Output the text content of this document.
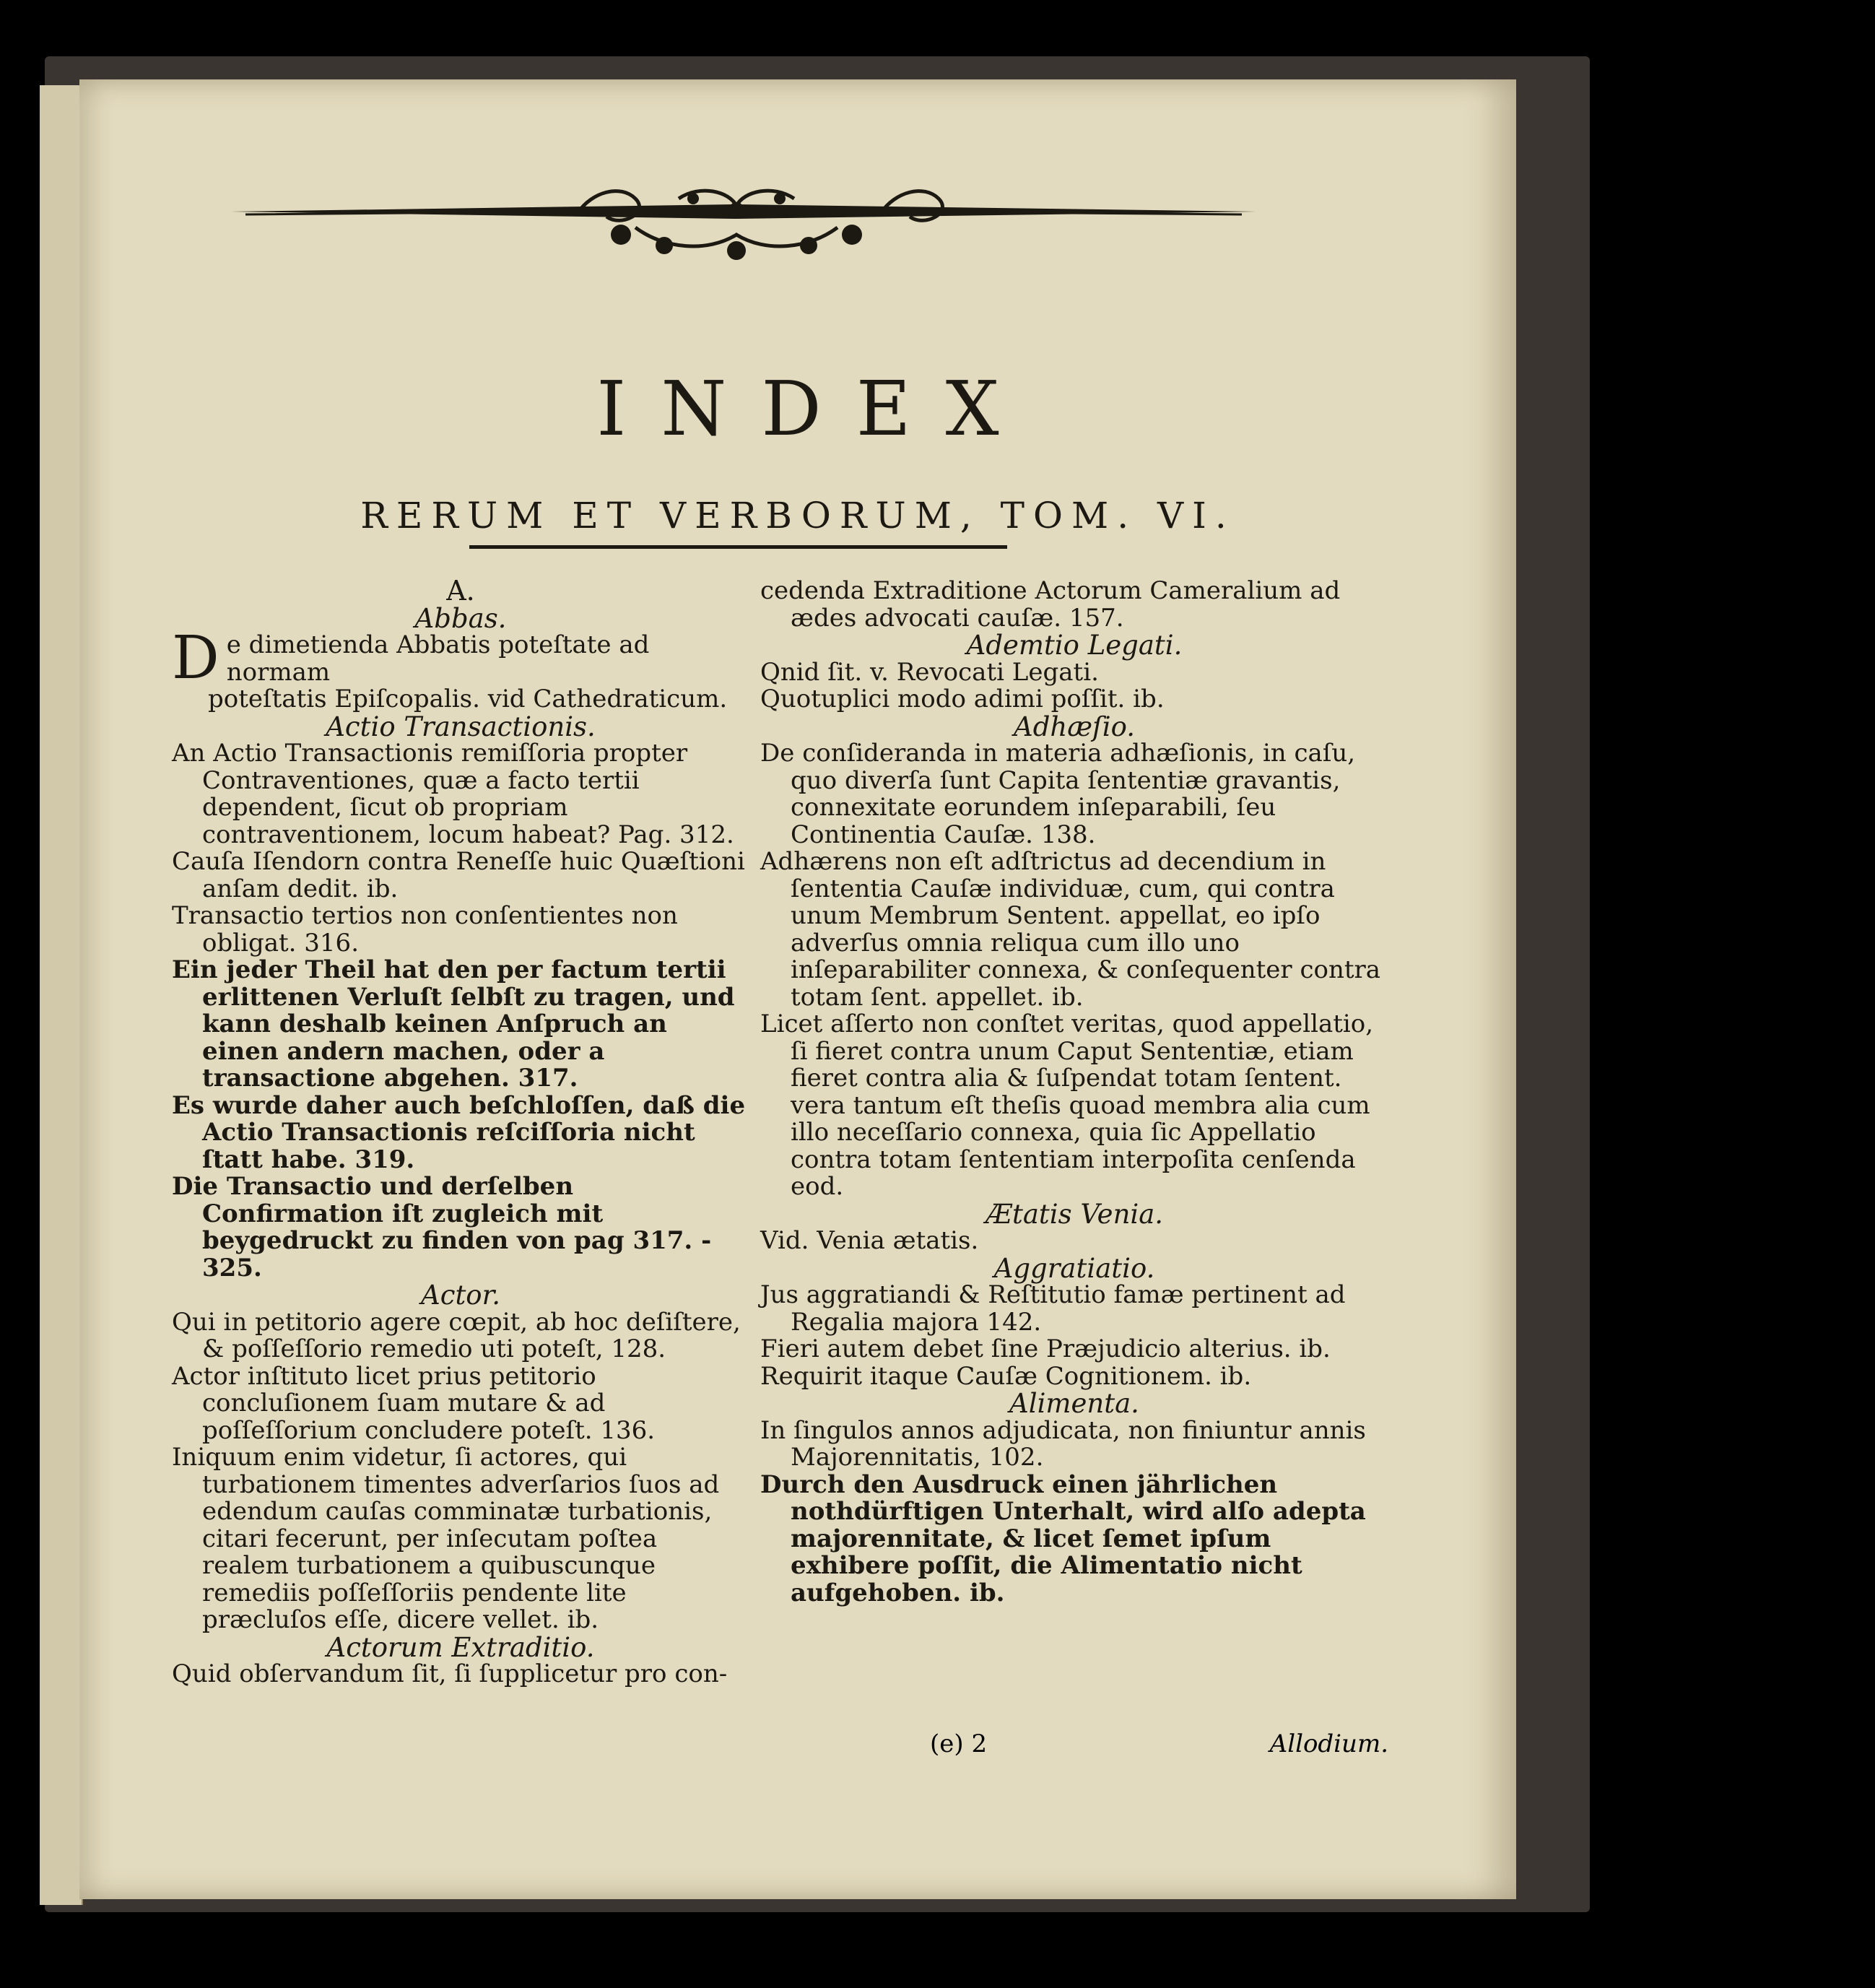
INDEX
RERUM ET VERBORUM, TOM. VI.

A.

Abbas.

De dimetienda Abbatis poteſtate ad normam
poteſtatis Epiſcopalis. vid Cathedraticum.

Actio Transactionis.

An Actio Transactionis remiſſoria propter Contraventiones, quæ a facto tertii dependent, ſicut ob propriam contraventionem, locum habeat? Pag. 312.

Cauſa Iſendorn contra Reneſſe huic Quæſtioni anſam dedit. ib.

Transactio tertios non conſentientes non obligat. 316.

Ein jeder Theil hat den per factum tertii erlittenen Verluſt ſelbſt zu tragen, und kann deshalb keinen Anſpruch an einen andern machen, oder a transactione abgehen. 317.

Es wurde daher auch beſchloſſen, daß die Actio Transactionis reſciſſoria nicht ſtatt habe. 319.

Die Transactio und derſelben Confirmation iſt zugleich mit beygedruckt zu finden von pag 317. - 325.

Actor.

Qui in petitorio agere cœpit, ab hoc deſiſtere, & poſſeſſorio remedio uti poteſt, 128.

Actor inſtituto licet prius petitorio concluſionem ſuam mutare & ad poſſeſſorium concludere poteſt. 136.

Iniquum enim videtur, ſi actores, qui turbationem timentes adverſarios ſuos ad edendum cauſas comminatæ turbationis, citari fecerunt, per inſecutam poſtea realem turbationem a quibuscunque remediis poſſeſſoriis pendente lite præcluſos eſſe, dicere vellet. ib.

Actorum Extraditio.

Quid obſervandum ſit, ſi ſupplicetur pro con-

cedenda Extraditione Actorum Cameralium ad ædes advocati cauſæ. 157.

Ademtio Legati.

Qnid ſit. v. Revocati Legati.

Quotuplici modo adimi poſſit. ib.

Adhæſio.

De conſideranda in materia adhæſionis, in caſu, quo diverſa ſunt Capita ſententiæ gravantis, connexitate eorundem inſeparabili, ſeu Continentia Cauſæ. 138.

Adhærens non eſt adſtrictus ad decendium in ſententia Cauſæ individuæ, cum, qui contra unum Membrum Sentent. appellat, eo ipſo adverſus omnia reliqua cum illo uno inſeparabiliter connexa, & conſequenter contra totam ſent. appellet. ib.

Licet aſſerto non conſtet veritas, quod appellatio, ſi fieret contra unum Caput Sententiæ, etiam fieret contra alia & ſuſpendat totam ſentent. vera tantum eſt theſis quoad membra alia cum illo neceſſario connexa, quia ſic Appellatio contra totam ſententiam interpoſita cenſenda eod.

Ætatis Venia.

Vid. Venia ætatis.

Aggratiatio.

Jus aggratiandi & Reſtitutio famæ pertinent ad Regalia majora 142.

Fieri autem debet ſine Præjudicio alterius. ib.

Requirit itaque Cauſæ Cognitionem. ib.

Alimenta.

In ſingulos annos adjudicata, non finiuntur annis Majorennitatis, 102.

Durch den Ausdruck einen jährlichen nothdürftigen Unterhalt, wird alſo adepta majorennitate, & licet ſemet ipſum exhibere poſſit, die Alimentatio nicht aufgehoben. ib.

(e) 2	Allodium.
